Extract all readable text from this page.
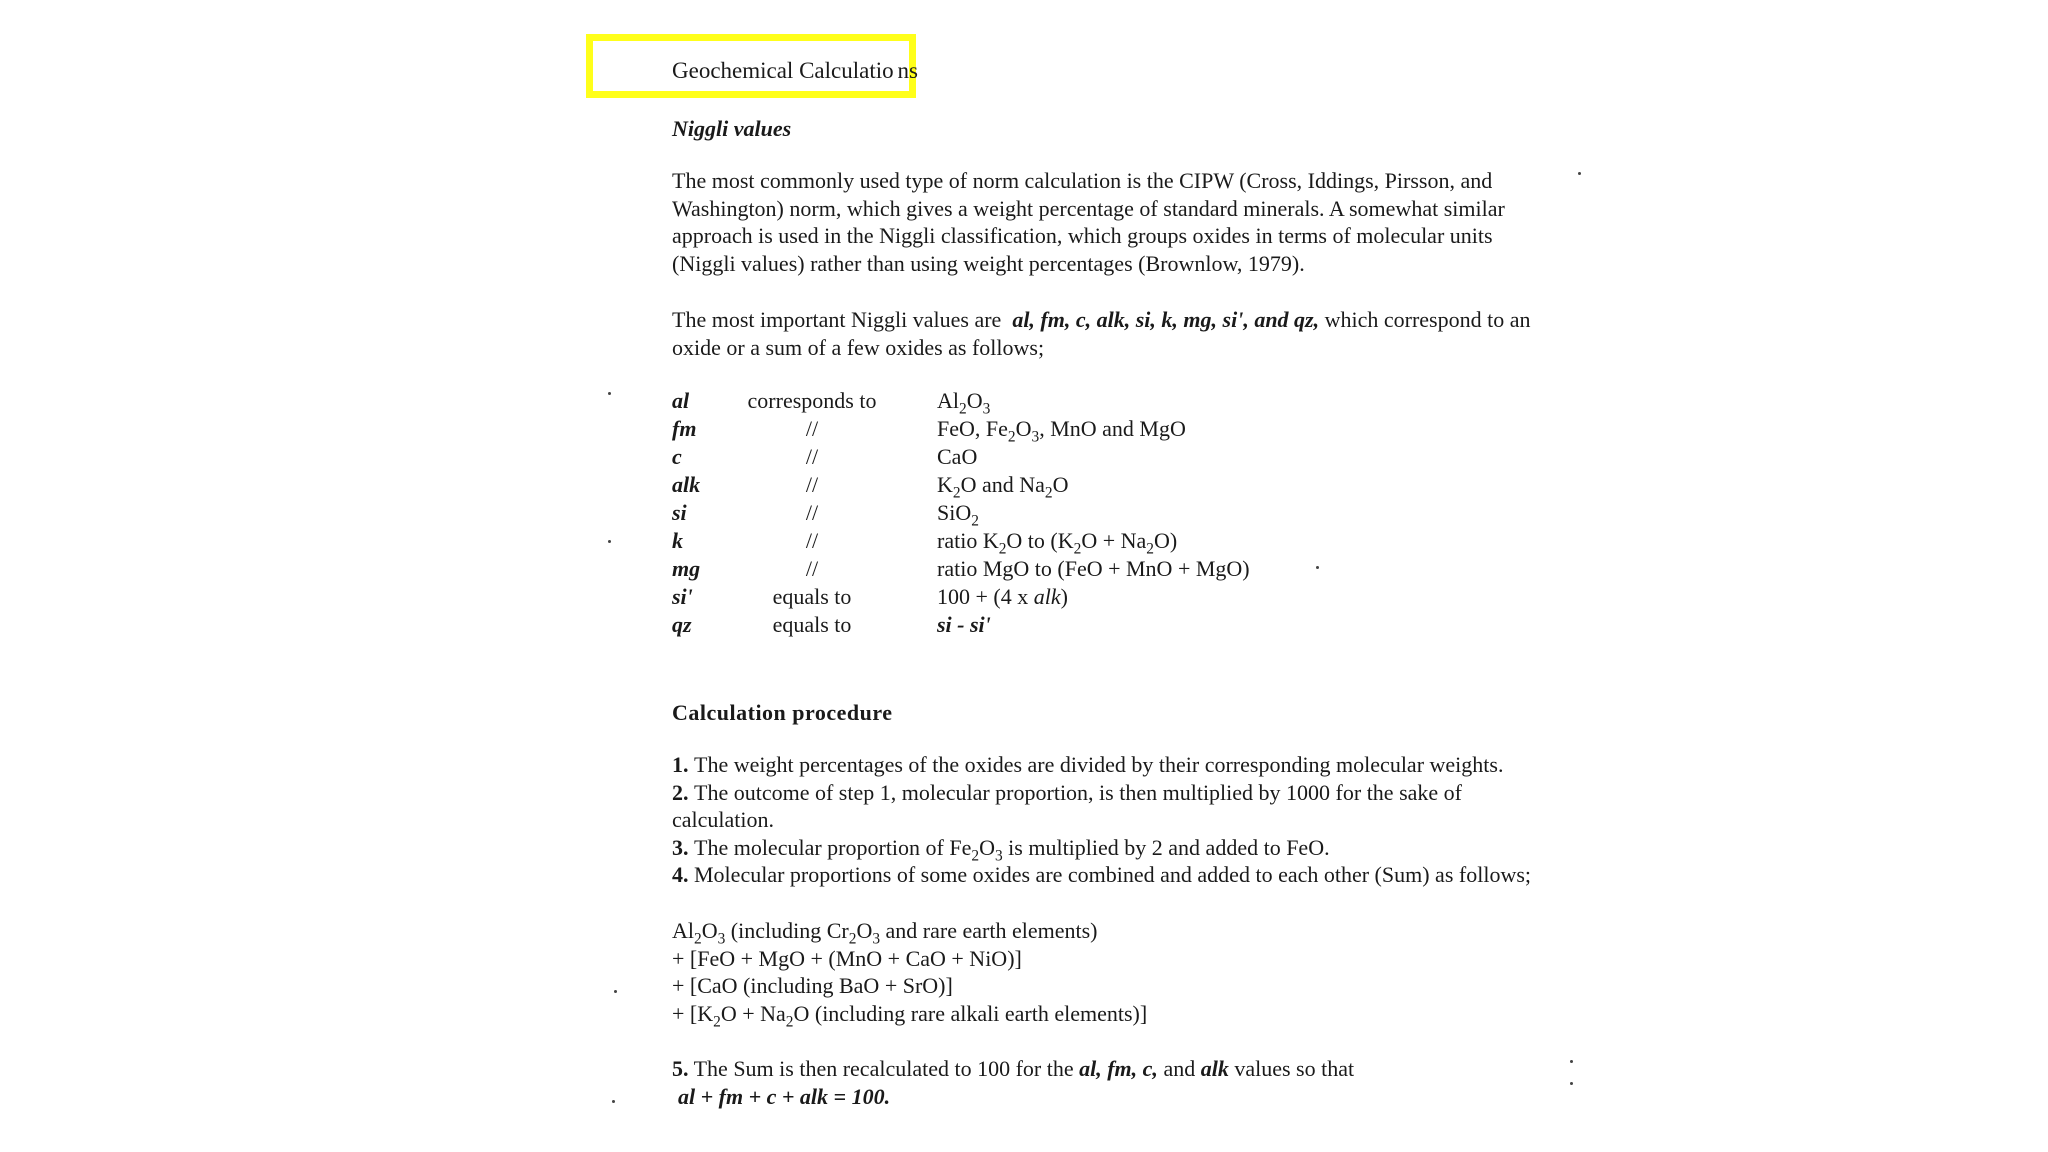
Geochemical Calculatio  ns
Niggli values
The most commonly used type of norm calculation is the CIPW (Cross, Iddings, Pirsson, and
Washington) norm, which gives a weight percentage of standard minerals. A somewhat similar
approach is used in the Niggli classification, which groups oxides in terms of molecular units
(Niggli values) rather than using weight percentages (Brownlow, 1979).
The most important Niggli values are al, fm, c, alk, si, k, mg, si', and qz, which correspond to an
oxide or a sum of a few oxides as follows;
al	corresponds to	$Al_2O_3$
fm	//	FeO, $Fe_2O_3$, MnO and MgO
c	//	CaO
alk	//	$K_2O$ and $Na_2O$
si	//	SiO$_2$
k	//	ratio $K_2O$ to $(K_2O + Na_2O)$
mg	//	ratio MgO to (FeO + MnO + MgO)
si'	equals to	100 + (4 x alk)
qz	equals to	si - si'
Calculation procedure
1. The weight percentages of the oxides are divided by their corresponding molecular weights.
2. The outcome of step 1, molecular proportion, is then multiplied by 1000 for the sake of
calculation.
3. The molecular proportion of $Fe_2O_3$ is multiplied by 2 and added to FeO.
4. Molecular proportions of some oxides are combined and added to each other (Sum) as follows;
$Al_2O_3$ (including $Cr_2O_3$ and rare earth elements)
+ [FeO + MgO + (MnO + CaO + NiO)]
+ [CaO (including BaO + SrO)]
+ [$K_2O + Na_2O$ (including rare alkali earth elements)]
5. The Sum is then recalculated to 100 for the al, fm, c, and alk values so that
al + fm + c + alk = 100.
